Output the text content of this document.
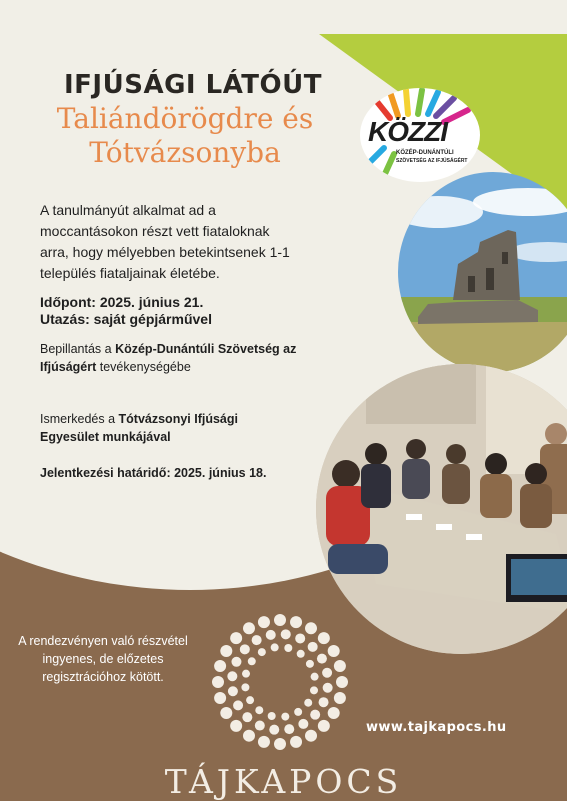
IFJÚSÁGI LÁTÓÚT
Taliándörögdre és
Tótvázsonyba
KÖZZI
KÖZÉP-DUNÁNTÚLI
SZÖVETSÉG AZ IFJÚSÁGÉRT
A tanulmányút alkalmat ad a moccantásokon részt vett fiataloknak arra, hogy mélyebben betekintsenek 1-1 település fiataljainak életébe.
Időpont: 2025. június 21.
Utazás: saját gépjárművel
Bepillantás a Közép-Dunántúli Szövetség az Ifjúságért tevékenységébe
Ismerkedés a Tótvázsonyi Ifjúsági Egyesület munkájával
Jelentkezési határidő: 2025. június 18.
A rendezvényen való részvétel ingyenes, de előzetes regisztrációhoz kötött.
www.tajkapocs.hu
TÁJKAPOCS
